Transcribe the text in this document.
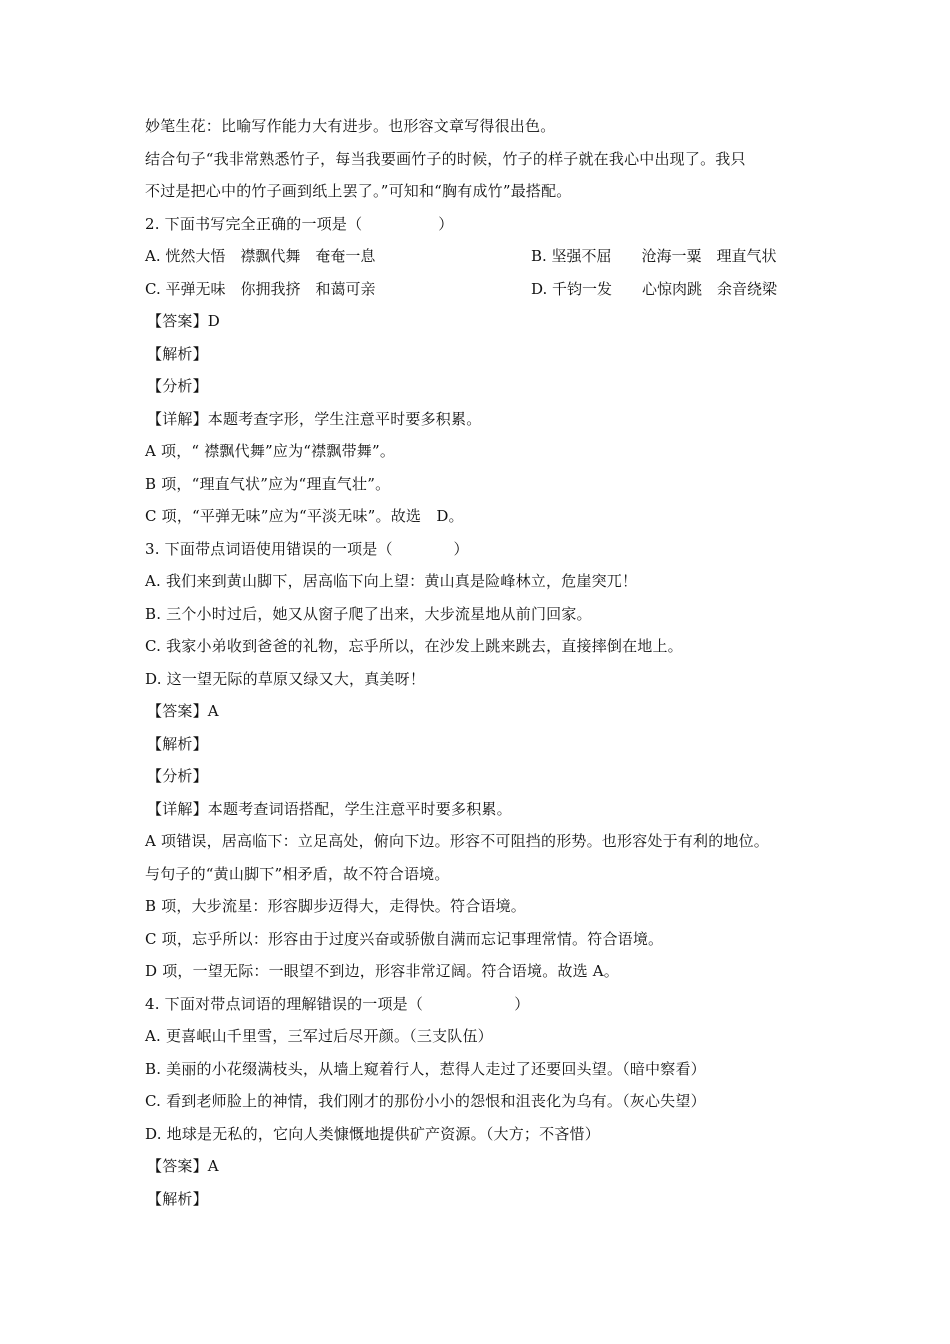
妙笔生花：比喻写作能力大有进步。也形容文章写得很出色。
结合句子“我非常熟悉竹子，每当我要画竹子的时候，竹子的样子就在我心中出现了。我只
不过是把心中的竹子画到纸上罢了。”可知和“胸有成竹”最搭配。
2. 下面书写完全正确的一项是（　　　　　）
A. 恍然大悟　襟飘代舞　奄奄一息	B. 坚强不屈　　沧海一粟　理直气状
C. 平弹无味　你拥我挤　和蔼可亲	D. 千钧一发　　心惊肉跳　余音绕梁
【答案】D
【解析】
【分析】
【详解】本题考查字形，学生注意平时要多积累。
A 项，“ 襟飘代舞”应为“襟飘带舞”。
B 项，“理直气状”应为“理直气壮”。
C 项，“平弹无味”应为“平淡无味”。故选　D。
3. 下面带点词语使用错误的一项是（　　　　）
A. 我们来到黄山脚下，居高临下向上望：黄山真是险峰林立，危崖突兀！
B. 三个小时过后，她又从窗子爬了出来，大步流星地从前门回家。
C. 我家小弟收到爸爸的礼物，忘乎所以，在沙发上跳来跳去，直接摔倒在地上。
D. 这一望无际的草原又绿又大，真美呀！
【答案】A
【解析】
【分析】
【详解】本题考查词语搭配，学生注意平时要多积累。
A 项错误，居高临下：立足高处，俯向下边。形容不可阻挡的形势。也形容处于有利的地位。
与句子的“黄山脚下”相矛盾，故不符合语境。
B 项，大步流星：形容脚步迈得大，走得快。符合语境。
C 项，忘乎所以：形容由于过度兴奋或骄傲自满而忘记事理常情。符合语境。
D 项，一望无际：一眼望不到边，形容非常辽阔。符合语境。故选 A。
4. 下面对带点词语的理解错误的一项是（　　　　　　）
A. 更喜岷山千里雪，三军过后尽开颜。（三支队伍）
B. 美丽的小花缀满枝头，从墙上窥着行人，惹得人走过了还要回头望。（暗中察看）
C. 看到老师脸上的神情，我们刚才的那份小小的怨恨和沮丧化为乌有。（灰心失望）
D. 地球是无私的，它向人类慷慨地提供矿产资源。（大方；不吝惜）
【答案】A
【解析】
